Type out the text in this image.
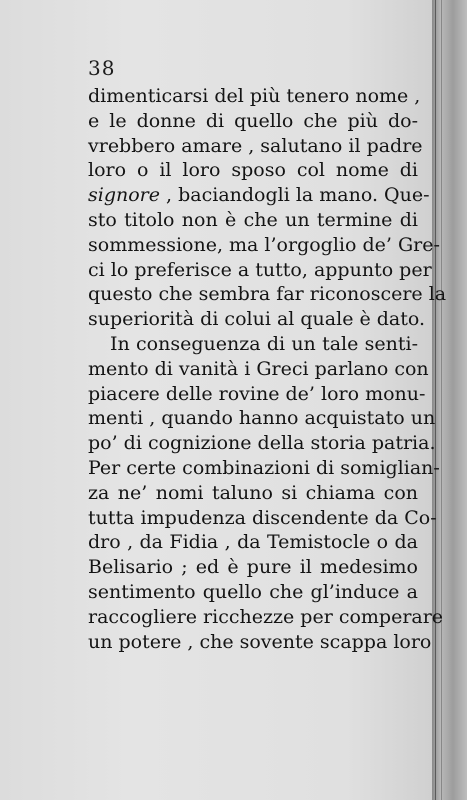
38
dimenticarsi del più tenero nome ,
e le donne di quello che più do-
vrebbero amare , salutano il padre
loro o il loro sposo col nome di
signore , baciandogli la mano. Que-
sto titolo non è che un termine di
sommessione, ma l’orgoglio de’ Gre-
ci lo preferisce a tutto, appunto per
questo che sembra far riconoscere la
superiorità di colui al quale è dato.
In conseguenza di un tale senti-
mento di vanità i Greci parlano con
piacere delle rovine de’ loro monu-
menti , quando hanno acquistato un
po’ di cognizione della storia patria.
Per certe combinazioni di somiglian-
za ne’ nomi taluno si chiama con
tutta impudenza discendente da Co-
dro , da Fidia , da Temistocle o da
Belisario ; ed è pure il medesimo
sentimento quello che gl’induce a
raccogliere ricchezze per comperare
un potere , che sovente scappa loro
